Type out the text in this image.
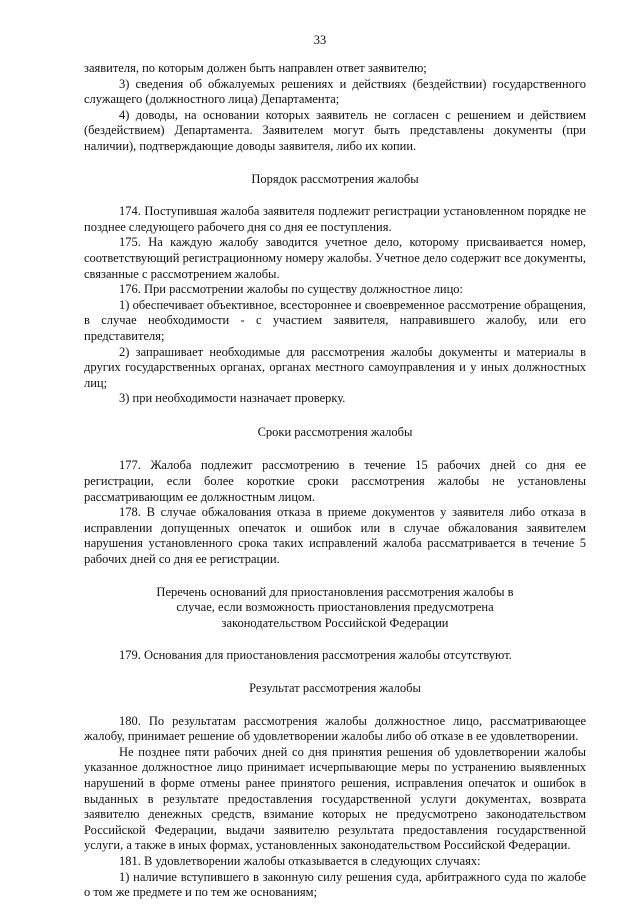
33

заявителя, по которым должен быть направлен ответ заявителю;

3) сведения об обжалуемых решениях и действиях (бездействии) государственного служащего (должностного лица) Департамента;

4) доводы, на основании которых заявитель не согласен с решением и действием (бездействием) Департамента. Заявителем могут быть представлены документы (при наличии), подтверждающие доводы заявителя, либо их копии.

Порядок рассмотрения жалобы

174. Поступившая жалоба заявителя подлежит регистрации установленном порядке не позднее следующего рабочего дня со дня ее поступления.

175. На каждую жалобу заводится учетное дело, которому присваивается номер, соответствующий регистрационному номеру жалобы. Учетное дело содержит все документы, связанные с рассмотрением жалобы.

176. При рассмотрении жалобы по существу должностное лицо:

1) обеспечивает объективное, всестороннее и своевременное рассмотрение обращения, в случае необходимости - с участием заявителя, направившего жалобу, или его представителя;

2) запрашивает необходимые для рассмотрения жалобы документы и материалы в других государственных органах, органах местного самоуправления и у иных должностных лиц;

3) при необходимости назначает проверку.

Сроки рассмотрения жалобы

177. Жалоба подлежит рассмотрению в течение 15 рабочих дней со дня ее регистрации, если более короткие сроки рассмотрения жалобы не установлены рассматривающим ее должностным лицом.

178. В случае обжалования отказа в приеме документов у заявителя либо отказа в исправлении допущенных опечаток и ошибок или в случае обжалования заявителем нарушения установленного срока таких исправлений жалоба рассматривается в течение 5 рабочих дней со дня ее регистрации.

Перечень оснований для приостановления рассмотрения жалобы в случае, если возможность приостановления предусмотрена законодательством Российской Федерации

179. Основания для приостановления рассмотрения жалобы отсутствуют.

Результат рассмотрения жалобы

180. По результатам рассмотрения жалобы должностное лицо, рассматривающее жалобу, принимает решение об удовлетворении жалобы либо об отказе в ее удовлетворении.

Не позднее пяти рабочих дней со дня принятия решения об удовлетворении жалобы указанное должностное лицо принимает исчерпывающие меры по устранению выявленных нарушений в форме отмены ранее принятого решения, исправления опечаток и ошибок в выданных в результате предоставления государственной услуги документах, возврата заявителю денежных средств, взимание которых не предусмотрено законодательством Российской Федерации, выдачи заявителю результата предоставления государственной услуги, а также в иных формах, установленных законодательством Российской Федерации.

181. В удовлетворении жалобы отказывается в следующих случаях:

1) наличие вступившего в законную силу решения суда, арбитражного суда по жалобе о том же предмете и по тем же основаниям;
